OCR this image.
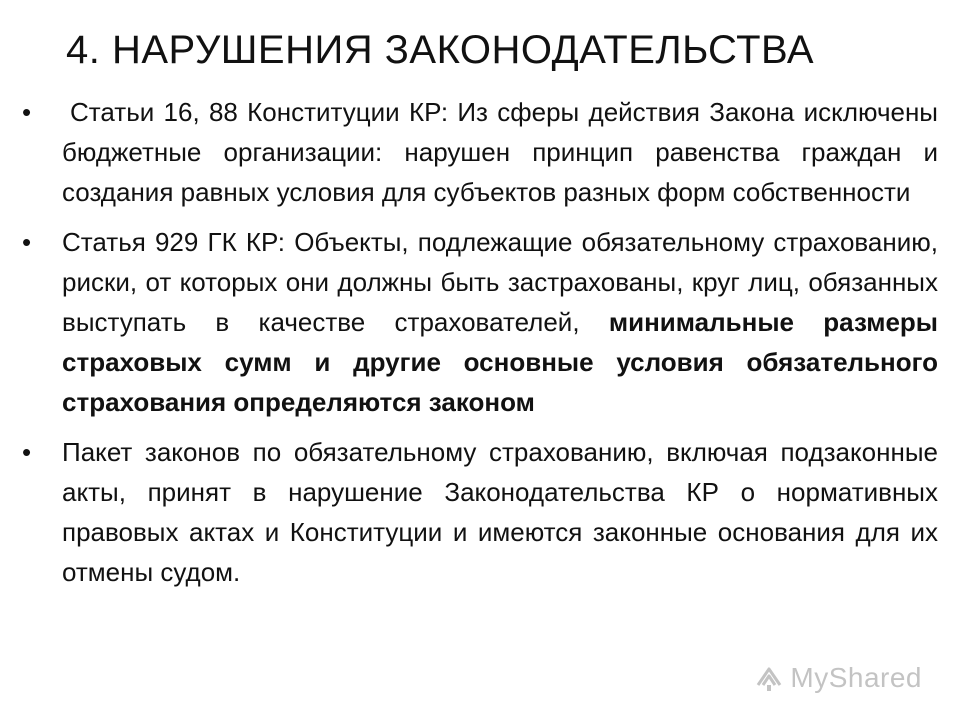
4. НАРУШЕНИЯ ЗАКОНОДАТЕЛЬСТВА
•	Статьи 16, 88 Конституции КР: Из сферы действия Закона исключены бюджетные организации: нарушен принцип равенства граждан и создания равных условия для субъектов разных форм собственности
• Статья 929 ГК КР: Объекты, подлежащие обязательному страхованию, риски, от которых они должны быть застрахованы, круг лиц, обязанных выступать в качестве страхователей, минимальные размеры страховых сумм и другие основные условия обязательного страхования определяются законом
• Пакет законов по обязательному страхованию, включая подзаконные акты, принят в нарушение Законодательства КР о нормативных правовых актах и Конституции и имеются законные основания для их отмены судом.
MyShared
